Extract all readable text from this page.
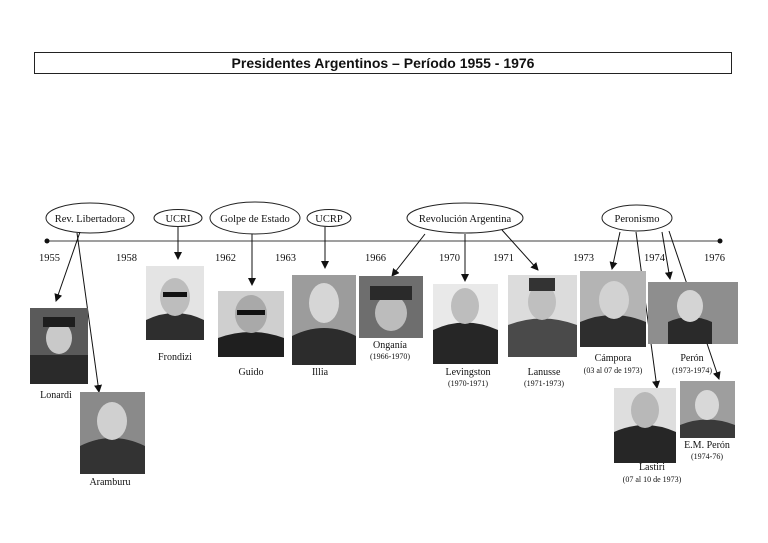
Presidentes Argentinos – Período 1955 - 1976
1955	1958	1962	1963	1966	1970	1971	1973	1974	1976
Rev. Libertadora	UCRI	Golpe de Estado UCRP	Revolución Argentina	Peronismo
Lonardi
Aramburu
Frondizi
Guido	Illia
Onganía
(1966-1970)
Levingston
(1970-1971)
Lanusse
(1971-1973)
Cámpora
(03 al 07 de 1973)
Perón
(1973-1974)
Lastiri
(07 al 10 de 1973)
E.M. Perón
(1974-76)
